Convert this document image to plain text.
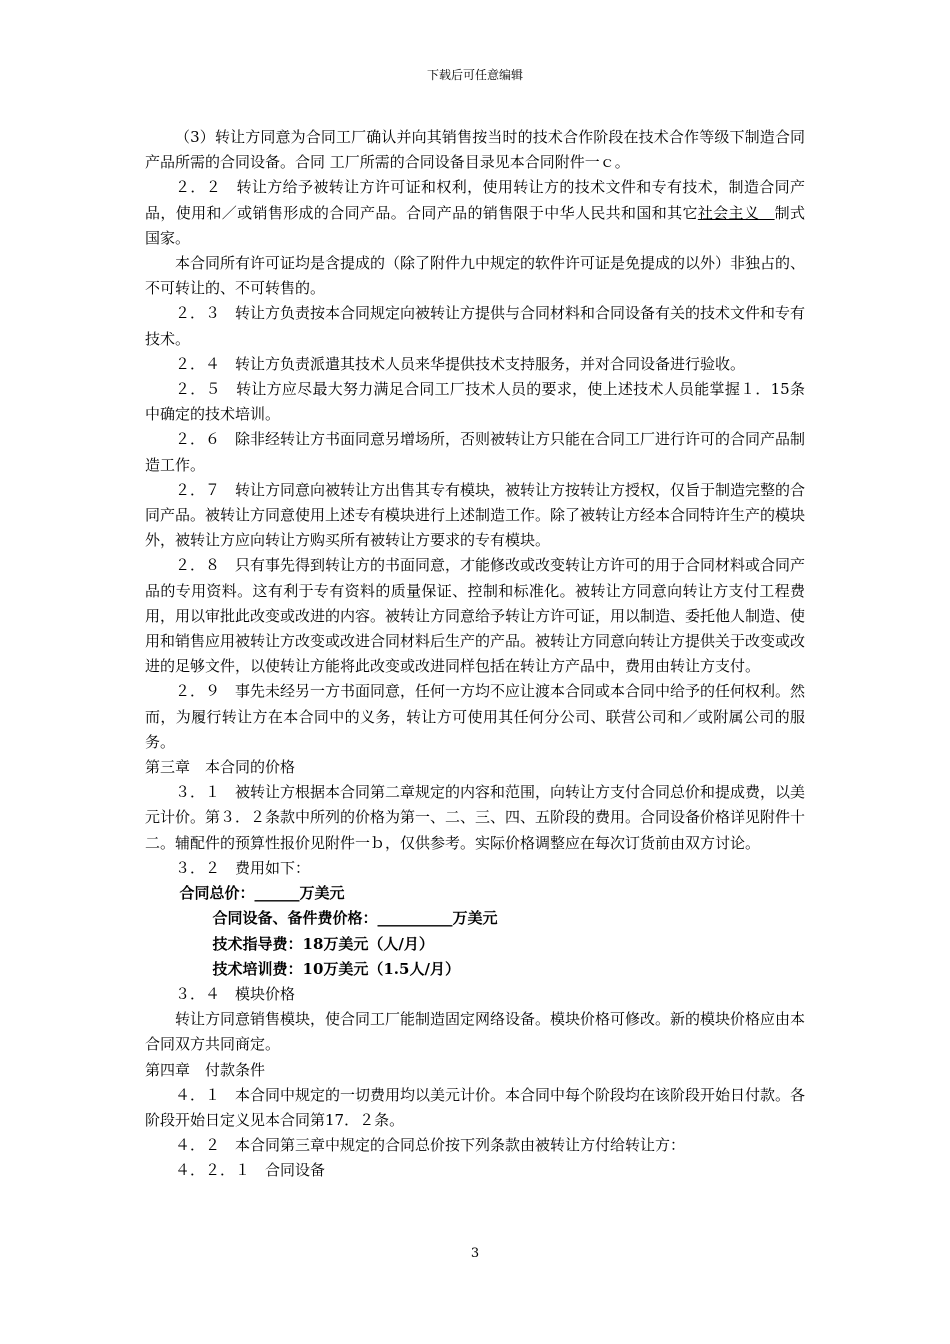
下载后可任意编辑

（3）转让方同意为合同工厂确认并向其销售按当时的技术合作阶段在技术合作等级下制造合同产品所需的合同设备。合同 工厂所需的合同设备目录见本合同附件一ｃ。

２．２　转让方给予被转让方许可证和权利，使用转让方的技术文件和专有技术，制造合同产品，使用和／或销售形成的合同产品。合同产品的销售限于中华人民共和国和其它社会主义　制式国家。

本合同所有许可证均是含提成的（除了附件九中规定的软件许可证是免提成的以外）非独占的、不可转让的、不可转售的。

２．３　转让方负责按本合同规定向被转让方提供与合同材料和合同设备有关的技术文件和专有技术。

２．４　转让方负责派遣其技术人员来华提供技术支持服务，并对合同设备进行验收。

２．５　转让方应尽最大努力满足合同工厂技术人员的要求，使上述技术人员能掌握１．15条中确定的技术培训。

２．６　除非经转让方书面同意另增场所，否则被转让方只能在合同工厂进行许可的合同产品制造工作。

２．７　转让方同意向被转让方出售其专有模块，被转让方按转让方授权，仅旨于制造完整的合同产品。被转让方同意使用上述专有模块进行上述制造工作。除了被转让方经本合同特许生产的模块外，被转让方应向转让方购买所有被转让方要求的专有模块。

２．８　只有事先得到转让方的书面同意，才能修改或改变转让方许可的用于合同材料或合同产品的专用资料。这有利于专有资料的质量保证、控制和标准化。被转让方同意向转让方支付工程费用，用以审批此改变或改进的内容。被转让方同意给予转让方许可证，用以制造、委托他人制造、使用和销售应用被转让方改变或改进合同材料后生产的产品。被转让方同意向转让方提供关于改变或改进的足够文件，以使转让方能将此改变或改进同样包括在转让方产品中，费用由转让方支付。

２．９　事先未经另一方书面同意，任何一方均不应让渡本合同或本合同中给予的任何权利。然而，为履行转让方在本合同中的义务，转让方可使用其任何分公司、联营公司和／或附属公司的服务。

第三章　本合同的价格

３．１　被转让方根据本合同第二章规定的内容和范围，向转让方支付合同总价和提成费，以美元计价。第３．２条款中所列的价格为第一、二、三、四、五阶段的费用。合同设备价格详见附件十二。辅配件的预算性报价见附件一ｂ，仅供参考。实际价格调整应在每次订货前由双方讨论。

３．２　费用如下：

合同总价：______万美元

合同设备、备件费价格：__________万美元

技术指导费：18万美元（人/月）

技术培训费：10万美元（1.5人/月）

３．４　模块价格

转让方同意销售模块，使合同工厂能制造固定网络设备。模块价格可修改。新的模块价格应由本合同双方共同商定。

第四章　付款条件

４．１　本合同中规定的一切费用均以美元计价。本合同中每个阶段均在该阶段开始日付款。各阶段开始日定义见本合同第17．２条。

４．２　本合同第三章中规定的合同总价按下列条款由被转让方付给转让方：

４．２．１　合同设备

3
